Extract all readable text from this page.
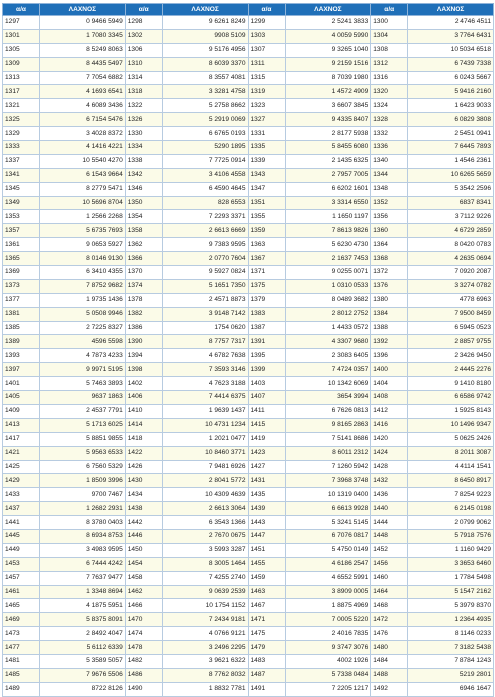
α/α	ΛΑΧΝΟΣ	α/α	ΛΑΧΝΟΣ	α/α	ΛΑΧΝΟΣ	α/α	ΛΑΧΝΟΣ
1297	0 9466 5949	1298	9 6261 8249	1299	2 5241 3833	1300	2 4746 4511
1301	1 7080 3345	1302	9908 5109	1303	4 0059 5990	1304	3 7764 6431
1305	8 5249 8063	1306	9 5176 4956	1307	9 3265 1040	1308	10 5034 6518
1309	8 4435 5497	1310	8 6039 3370	1311	9 2159 1516	1312	6 7439 7338
1313	7 7054 6882	1314	8 3557 4081	1315	8 7039 1980	1316	6 0243 5667
1317	4 1693 6541	1318	3 3281 4758	1319	1 4572 4909	1320	5 9416 2160
1321	4 6089 3436	1322	5 2758 8662	1323	3 6607 3845	1324	1 6423 9033
1325	6 7154 5476	1326	5 2919 0069	1327	9 4335 8407	1328	6 0829 3808
1329	3 4028 8372	1330	6 6765 0193	1331	2 8177 5938	1332	2 5451 0941
1333	4 1416 4221	1334	5290 1895	1335	5 8455 6080	1336	7 6445 7893
1337	10 5540 4270	1338	7 7725 0914	1339	2 1435 6325	1340	1 4546 2361
1341	6 1543 9664	1342	3 4106 4558	1343	2 7957 7005	1344	10 6265 5659
1345	8 2779 5471	1346	6 4590 4645	1347	6 6202 1601	1348	5 3542 2596
1349	10 5696 8704	1350	828 6553	1351	3 3314 6550	1352	6837 8341
1353	1 2566 2268	1354	7 2293 3371	1355	1 1650 1197	1356	3 7112 9226
1357	5 6735 7693	1358	2 6613 6669	1359	7 8613 9826	1360	4 6729 2859
1361	9 0653 5927	1362	9 7383 9595	1363	5 6230 4730	1364	8 0420 0783
1365	8 0146 9130	1366	2 0770 7604	1367	2 1637 7453	1368	4 2635 0694
1369	6 3410 4355	1370	9 5927 0824	1371	9 0255 0071	1372	7 0920 2087
1373	7 8752 9682	1374	5 1651 7350	1375	1 0310 0533	1376	3 3274 0782
1377	1 9735 1436	1378	2 4571 8873	1379	8 0489 3682	1380	4778 6963
1381	5 0508 9946	1382	3 9148 7142	1383	2 8012 2752	1384	7 9500 8459
1385	2 7225 8327	1386	1754 0620	1387	1 4433 0572	1388	6 5945 0523
1389	4596 5598	1390	8 7757 7317	1391	4 3307 9680	1392	2 8857 9755
1393	4 7873 4233	1394	4 6782 7638	1395	2 3083 6405	1396	2 3426 9450
1397	9 9971 5195	1398	7 3593 3146	1399	7 4724 0357	1400	2 4445 2276
1401	5 7463 3893	1402	4 7623 3188	1403	10 1342 6069	1404	9 1410 8180
1405	9637 1863	1406	7 4414 6375	1407	3654 3994	1408	6 6586 9742
1409	2 4537 7791	1410	1 9639 1437	1411	6 7626 0813	1412	1 5925 8143
1413	5 1713 6025	1414	10 4731 1234	1415	9 8165 2863	1416	10 1496 9347
1417	5 8851 9855	1418	1 2021 0477	1419	7 5141 8686	1420	5 0625 2426
1421	5 9563 6533	1422	10 8460 3771	1423	8 6011 2312	1424	8 2011 3087
1425	6 7560 5329	1426	7 9481 6926	1427	7 1260 5942	1428	4 4114 1541
1429	1 8509 3996	1430	2 8041 5772	1431	7 3968 3748	1432	8 6450 8917
1433	9700 7467	1434	10 4309 4639	1435	10 1319 0400	1436	7 8254 9223
1437	1 2682 2931	1438	2 6613 3064	1439	6 6613 9928	1440	6 2145 0198
1441	8 3780 0403	1442	6 3543 1366	1443	5 3241 5145	1444	2 0799 9062
1445	8 6934 8753	1446	2 7670 0675	1447	6 7076 0817	1448	5 7918 7576
1449	3 4983 9595	1450	3 5993 3287	1451	5 4750 0149	1452	1 1160 9429
1453	6 7444 4242	1454	8 3005 1464	1455	4 6186 2547	1456	3 3653 6460
1457	7 7637 9477	1458	7 4255 2740	1459	4 6552 5991	1460	1 7784 5498
1461	1 3348 8694	1462	9 0639 2539	1463	3 8909 0005	1464	5 1547 2162
1465	4 1875 5951	1466	10 1754 1152	1467	1 8875 4969	1468	5 3979 8370
1469	5 8375 8091	1470	7 2434 9181	1471	7 0005 5220	1472	1 2364 4935
1473	2 8492 4047	1474	4 0766 9121	1475	2 4016 7835	1476	8 1146 0233
1477	5 6112 6339	1478	3 2496 2295	1479	9 3747 3076	1480	7 3182 5438
1481	5 3589 5057	1482	3 9621 6322	1483	4002 1926	1484	7 8784 1243
1485	7 9676 5506	1486	8 7762 8032	1487	5 7338 0484	1488	5219 2801
1489	8722 8126	1490	1 8832 7781	1491	7 2205 1217	1492	6946 1647
